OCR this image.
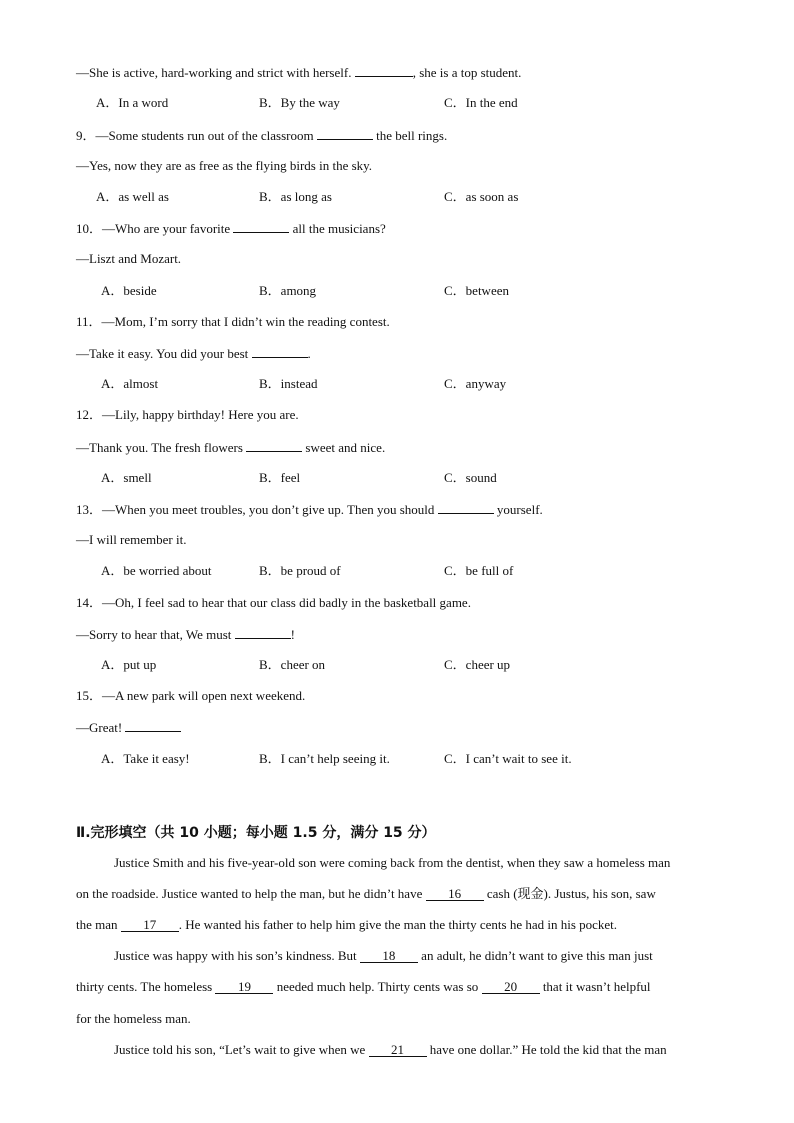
—She is active, hard-working and strict with herself.	, she is a top student.
A．In a word	B．By the way	C．In the end
9．—Some students run out of the classroom	the bell rings.
—Yes, now they are as free as the flying birds in the sky.
A．as well as	B．as long as	C．as soon as
10．—Who are your favorite	all the musicians?
—Liszt and Mozart.
A．beside	B．among	C．between
11．—Mom, I’m sorry that I didn’t win the reading contest.
—Take it easy. You did your best	.
A．almost	B．instead	C．anyway
12．—Lily, happy birthday! Here you are.
—Thank you. The fresh flowers	sweet and nice.
A．smell	B．feel	C．sound
13．—When you meet troubles, you don’t give up. Then you should	yourself.
—I will remember it.
A．be worried about	B．be proud of	C．be full of
14．—Oh, I feel sad to hear that our class did badly in the basketball game.
—Sorry to hear that, We must	!
A．put up	B．cheer on	C．cheer up
15．—A new park will open next weekend.
—Great!
A．Take it easy!	B．I can’t help seeing it.	C．I can’t wait to see it.
Ⅱ.完形填空（共 10 小题；每小题 1.5 分，满分 15 分）
Justice Smith and his five-year-old son were coming back from the dentist, when they saw a homeless man
on the roadside. Justice wanted to help the man, but he didn’t have 16 cash (现金). Justus, his son, saw
the man 17 . He wanted his father to help him give the man the thirty cents he had in his pocket.
Justice was happy with his son’s kindness. But 18 an adult, he didn’t want to give this man just
thirty cents. The homeless 19 needed much help. Thirty cents was so 20 that it wasn’t helpful
for the homeless man.
Justice told his son, “Let’s wait to give when we 21 have one dollar.” He told the kid that the man
